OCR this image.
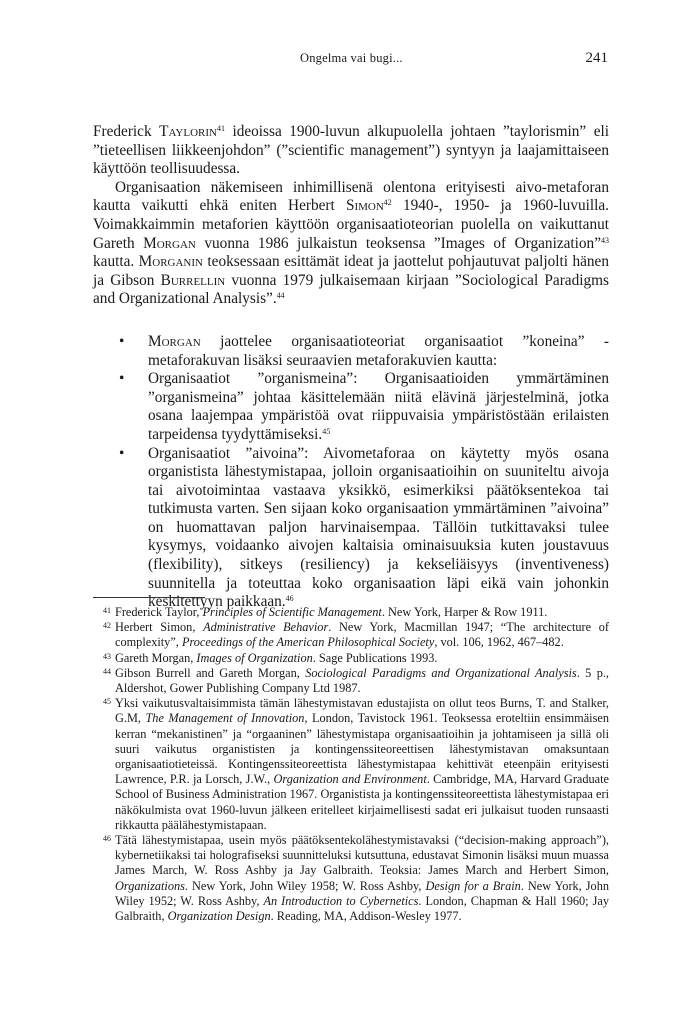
Ongelma vai bugi...	241

Frederick Taylorin$^{41}$ ideoissa 1900-luvun alkupuolella johtaen ”taylorismin” eli ”tieteellisen liikkeenjohdon” (”scientific management”) syntyyn ja laajamittaiseen käyttöön teollisuudessa.

Organisaation näkemiseen inhimillisenä olentona erityisesti aivo-metaforan kautta vaikutti ehkä eniten Herbert Simon$^{42}$ 1940-, 1950- ja 1960-luvuilla. Voimakkaimmin metaforien käyttöön organisaatioteorian puolella on vaikuttanut Gareth Morgan vuonna 1986 julkaistun teoksensa ”Images of Organization”$^{43}$ kautta. Morganin teoksessaan esittämät ideat ja jaottelut pohjautuvat paljolti hänen ja Gibson Burrellin vuonna 1979 julkaisemaan kirjaan ”Sociological Paradigms and Organizational Analysis”.$^{44}$

• Morgan jaottelee organisaatioteoriat organisaatiot ”koneina” -metaforakuvan lisäksi seuraavien metaforakuvien kautta:
• Organisaatiot ”organismeina”: Organisaatioiden ymmärtäminen ”organismeina” johtaa käsittelemään niitä elävinä järjestelminä, jotka osana laajempaa ympäristöä ovat riippuvaisia ympäristöstään erilaisten tarpeidensa tyydyttämiseksi.$^{45}$
• Organisaatiot ”aivoina”: Aivometaforaa on käytetty myös osana organistista lähestymistapaa, jolloin organisaatioihin on suuniteltu aivoja tai aivotoimintaa vastaava yksikkö, esimerkiksi päätöksentekoa tai tutkimusta varten. Sen sijaan koko organisaation ymmärtäminen ”aivoina” on huomattavan paljon harvinaisempaa. Tällöin tutkittavaksi tulee kysymys, voidaanko aivojen kaltaisia ominaisuuksia kuten joustavuus (flexibility), sitkeys (resiliency) ja kekseliäisyys (inventiveness) suunnitella ja toteuttaa koko organisaation läpi eikä vain johonkin keskitettyyn paikkaan.$^{46}$

41 Frederick Taylor, Principles of Scientific Management. New York, Harper & Row 1911.

42 Herbert Simon, Administrative Behavior. New York, Macmillan 1947; “The architecture of complexity”, Proceedings of the American Philosophical Society, vol. 106, 1962, 467–482.

43 Gareth Morgan, Images of Organization. Sage Publications 1993.

44 Gibson Burrell and Gareth Morgan, Sociological Paradigms and Organizational Analysis. 5 p., Aldershot, Gower Publishing Company Ltd 1987.

45 Yksi vaikutusvaltaisimmista tämän lähestymistavan edustajista on ollut teos Burns, T. and Stalker, G.M, The Management of Innovation, London, Tavistock 1961. Teoksessa eroteltiin ensimmäisen kerran “mekanistinen” ja “orgaaninen” lähestymistapa organisaatioihin ja johtamiseen ja sillä oli suuri vaikutus organististen ja kontingenssiteoreettisen lähestymistavan omaksuntaan organisaatiotieteissä. Kontingenssiteoreettista lähestymistapaa kehittivät eteenpäin erityisesti Lawrence, P.R. ja Lorsch, J.W., Organization and Environment. Cambridge, MA, Harvard Graduate School of Business Administration 1967. Organistista ja kontingenssiteoreettista lähestymistapaa eri näkökulmista ovat 1960-luvun jälkeen eritelleet kirjaimellisesti sadat eri julkaisut tuoden runsaasti rikkautta päälähestymistapaan.

46 Tätä lähestymistapaa, usein myös päätöksentekolähestymistavaksi (“decision-making approach”), kybernetiikaksi tai holografiseksi suunnitteluksi kutsuttuna, edustavat Simonin lisäksi muun muassa James March, W. Ross Ashby ja Jay Galbraith. Teoksia: James March and Herbert Simon, Organizations. New York, John Wiley 1958; W. Ross Ashby, Design for a Brain. New York, John Wiley 1952; W. Ross Ashby, An Introduction to Cybernetics. London, Chapman & Hall 1960; Jay Galbraith, Organization Design. Reading, MA, Addison-Wesley 1977.
